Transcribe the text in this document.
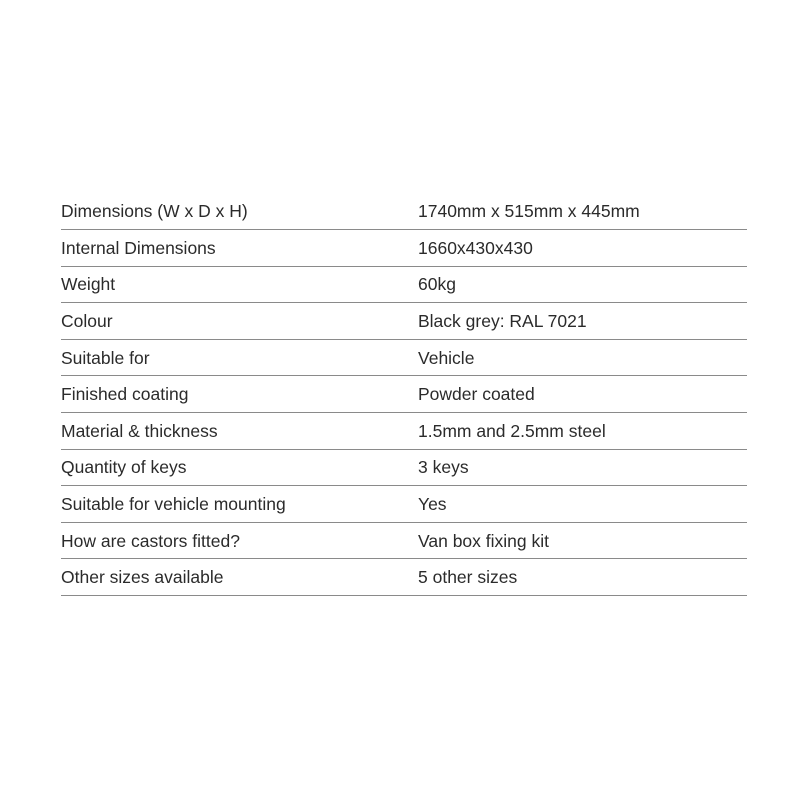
Dimensions (W x D x H)	1740mm x 515mm x 445mm
Internal Dimensions	1660x430x430
Weight	60kg
Colour	Black grey: RAL 7021
Suitable for	Vehicle
Finished coating	Powder coated
Material & thickness	1.5mm and 2.5mm steel
Quantity of keys	3 keys
Suitable for vehicle mounting	Yes
How are castors fitted?	Van box fixing kit
Other sizes available	5 other sizes
